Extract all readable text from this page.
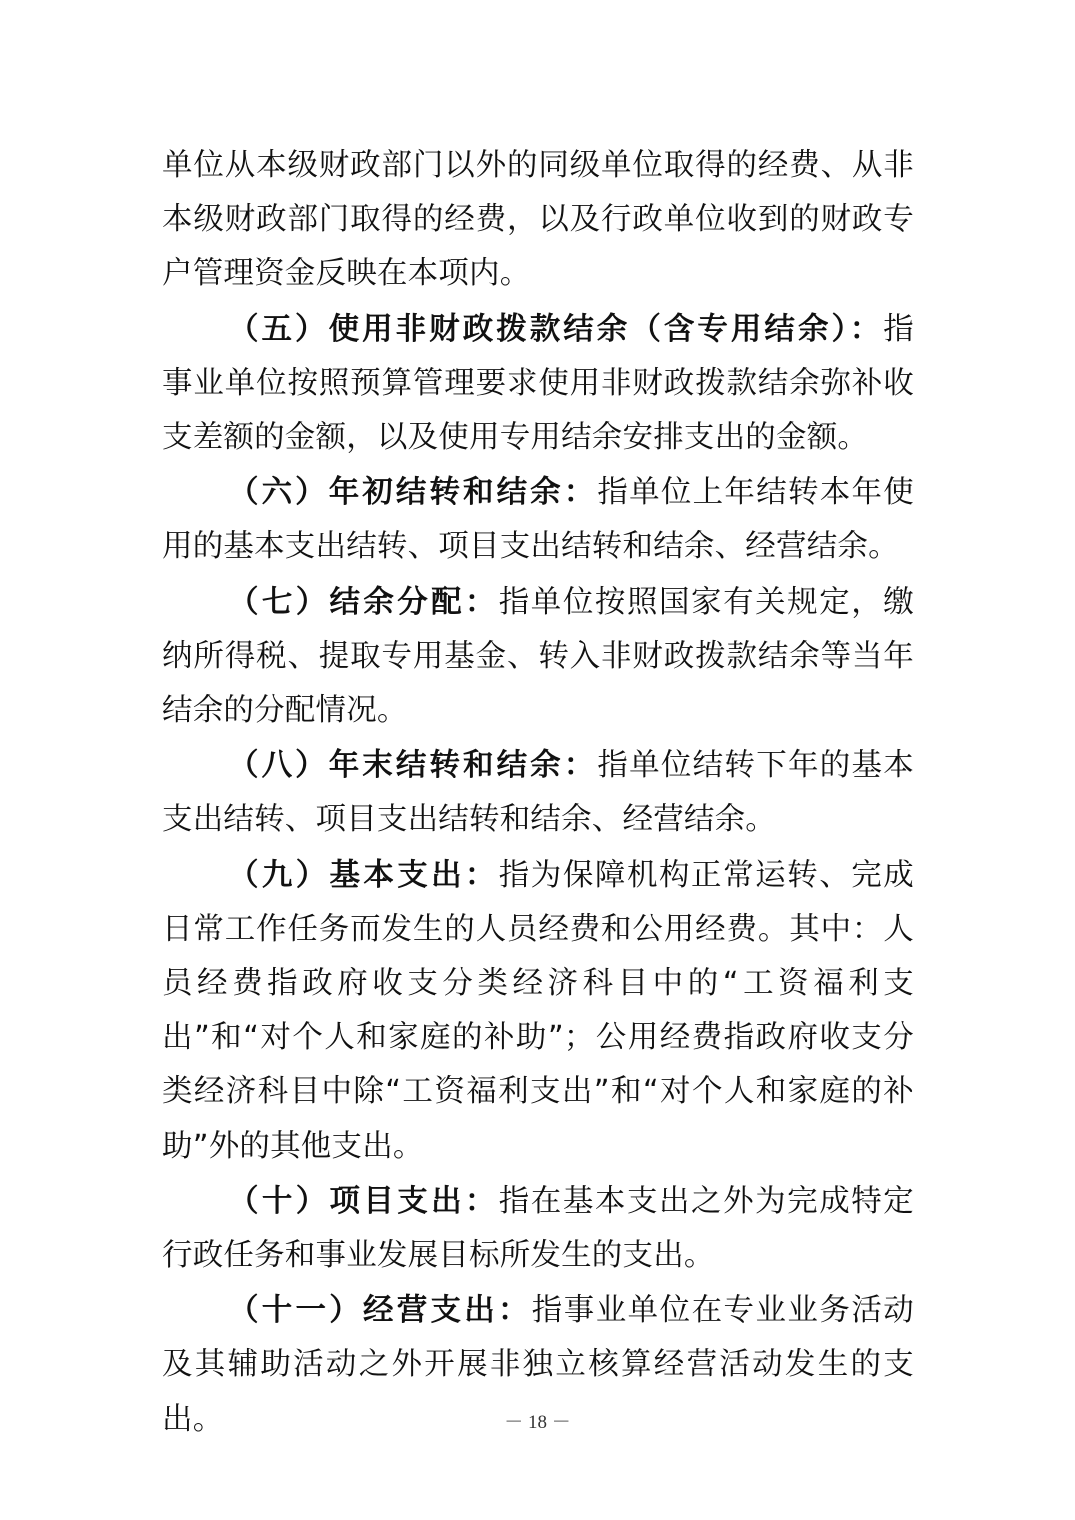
单位从本级财政部门以外的同级单位取得的经费、从非本级财政部门取得的经费，以及行政单位收到的财政专户管理资金反映在本项内。

（五）使用非财政拨款结余（含专用结余）：指事业单位按照预算管理要求使用非财政拨款结余弥补收支差额的金额，以及使用专用结余安排支出的金额。

（六）年初结转和结余：指单位上年结转本年使用的基本支出结转、项目支出结转和结余、经营结余。

（七）结余分配：指单位按照国家有关规定，缴纳所得税、提取专用基金、转入非财政拨款结余等当年结余的分配情况。

（八）年末结转和结余：指单位结转下年的基本支出结转、项目支出结转和结余、经营结余。

（九）基本支出：指为保障机构正常运转、完成日常工作任务而发生的人员经费和公用经费。其中：人员经费指政府收支分类经济科目中的“工资福利支出”和“对个人和家庭的补助”；公用经费指政府收支分类经济科目中除“工资福利支出”和“对个人和家庭的补助”外的其他支出。

（十）项目支出：指在基本支出之外为完成特定行政任务和事业发展目标所发生的支出。

（十一）经营支出：指事业单位在专业业务活动及其辅助活动之外开展非独立核算经营活动发生的支出。	－ 18 －
